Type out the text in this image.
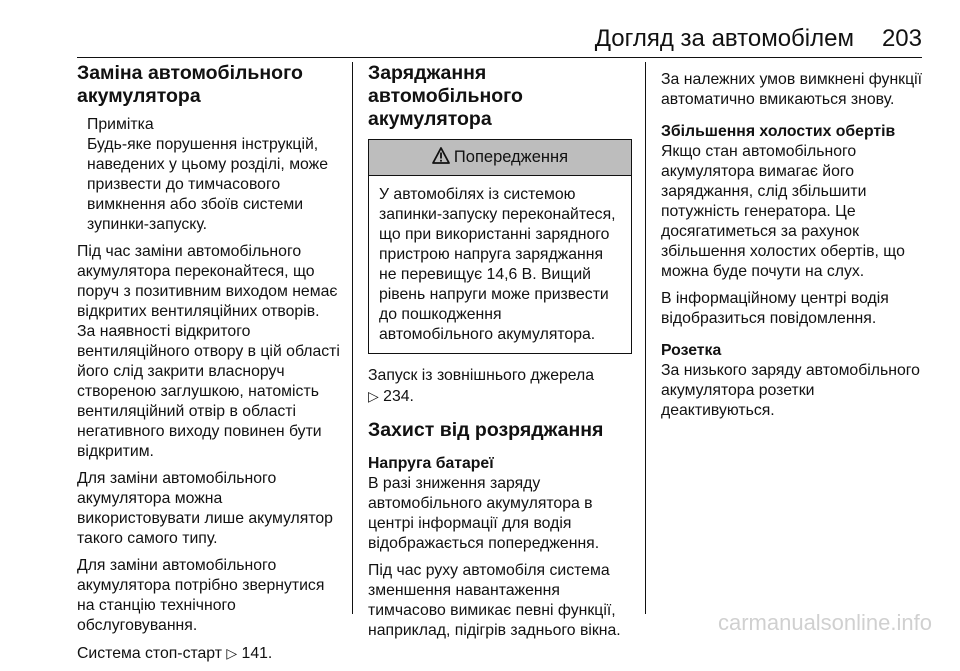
Догляд за автомобілем 203
Заміна автомобільного
акумулятора
Примітка
Будь-яке порушення інструкцій,
наведених у цьому розділі, може
призвести до тимчасового
вимкнення або збоїв системи
зупинки-запуску.

Під час заміни автомобільного
акумулятора переконайтеся, що
поруч з позитивним виходом немає
відкритих вентиляційних отворів.
За наявності відкритого
вентиляційного отвору в цій області
його слід закрити власноруч
створеною заглушкою, натомість
вентиляційний отвір в області
негативного виходу повинен бути
відкритим.

Для заміни автомобільного
акумулятора можна
використовувати лише акумулятор
такого самого типу.

Для заміни автомобільного
акумулятора потрібно звернутися
на станцію технічного
обслуговування.

Система стоп-старт ▷ 141.

Заряджання автомобільного
акумулятора
Попередження
У автомобілях із системою
запинки-запуску переконайтеся,
що при використанні зарядного
пристрою напруга заряджання
не перевищує 14,6 В. Вищий
рівень напруги може призвести
до пошкодження
автомобільного акумулятора.

Запуск із зовнішнього джерела
▷ 234.

Захист від розряджання
Напруга батареї

В разі зниження заряду
автомобільного акумулятора в
центрі інформації для водія
відображається попередження.

Під час руху автомобіля система
зменшення навантаження
тимчасово вимикає певні функції,
наприклад, підігрів заднього вікна.

За належних умов вимкнені функції
автоматично вмикаються знову.

Збільшення холостих обертів

Якщо стан автомобільного
акумулятора вимагає його
заряджання, слід збільшити
потужність генератора. Це
досягатиметься за рахунок
збільшення холостих обертів, що
можна буде почути на слух.

В інформаційному центрі водія
відобразиться повідомлення.

Розетка

За низького заряду автомобільного
акумулятора розетки
деактивуються.

carmanualsonline.info
